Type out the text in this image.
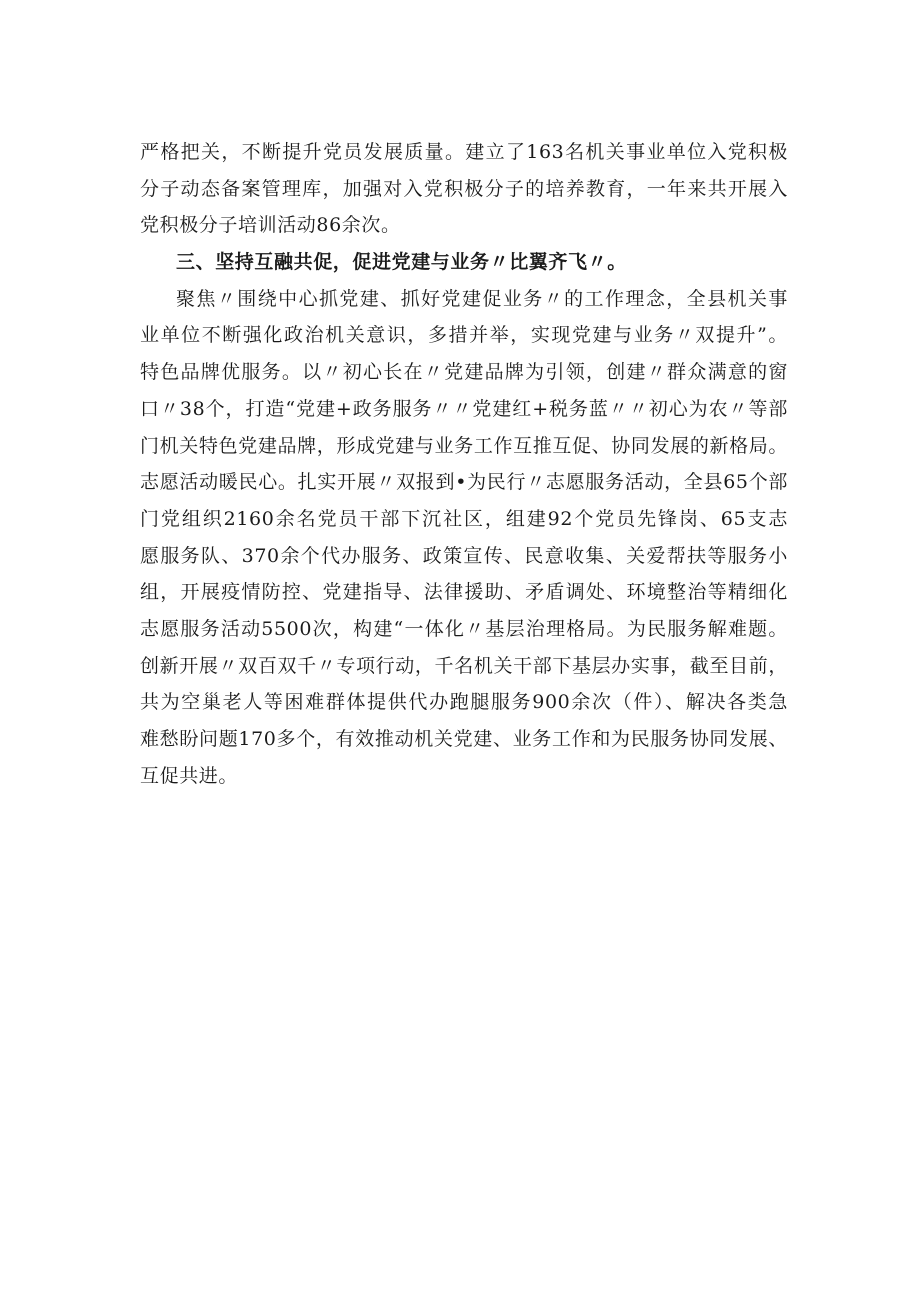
严格把关，不断提升党员发展质量。建立了163名机关事业单位入党积极
分子动态备案管理库，加强对入党积极分子的培养教育，一年来共开展入
党积极分子培训活动86余次。
三、坚持互融共促，促进党建与业务〃比翼齐飞〃。
聚焦〃围绕中心抓党建、抓好党建促业务〃的工作理念，全县机关事
业单位不断强化政治机关意识，多措并举，实现党建与业务〃双提升”。
特色品牌优服务。以〃初心长在〃党建品牌为引领，创建〃群众满意的窗
口〃38个，打造“党建+政务服务〃〃党建红+税务蓝〃〃初心为农〃等部
门机关特色党建品牌，形成党建与业务工作互推互促、协同发展的新格局。
志愿活动暖民心。扎实开展〃双报到•为民行〃志愿服务活动，全县65个部
门党组织2160余名党员干部下沉社区，组建92个党员先锋岗、65支志
愿服务队、370余个代办服务、政策宣传、民意收集、关爱帮扶等服务小
组，开展疫情防控、党建指导、法律援助、矛盾调处、环境整治等精细化
志愿服务活动5500次，构建“一体化〃基层治理格局。为民服务解难题。
创新开展〃双百双千〃专项行动，千名机关干部下基层办实事，截至目前，
共为空巢老人等困难群体提供代办跑腿服务900余次（件）、解决各类急
难愁盼问题170多个，有效推动机关党建、业务工作和为民服务协同发展、
互促共进。
